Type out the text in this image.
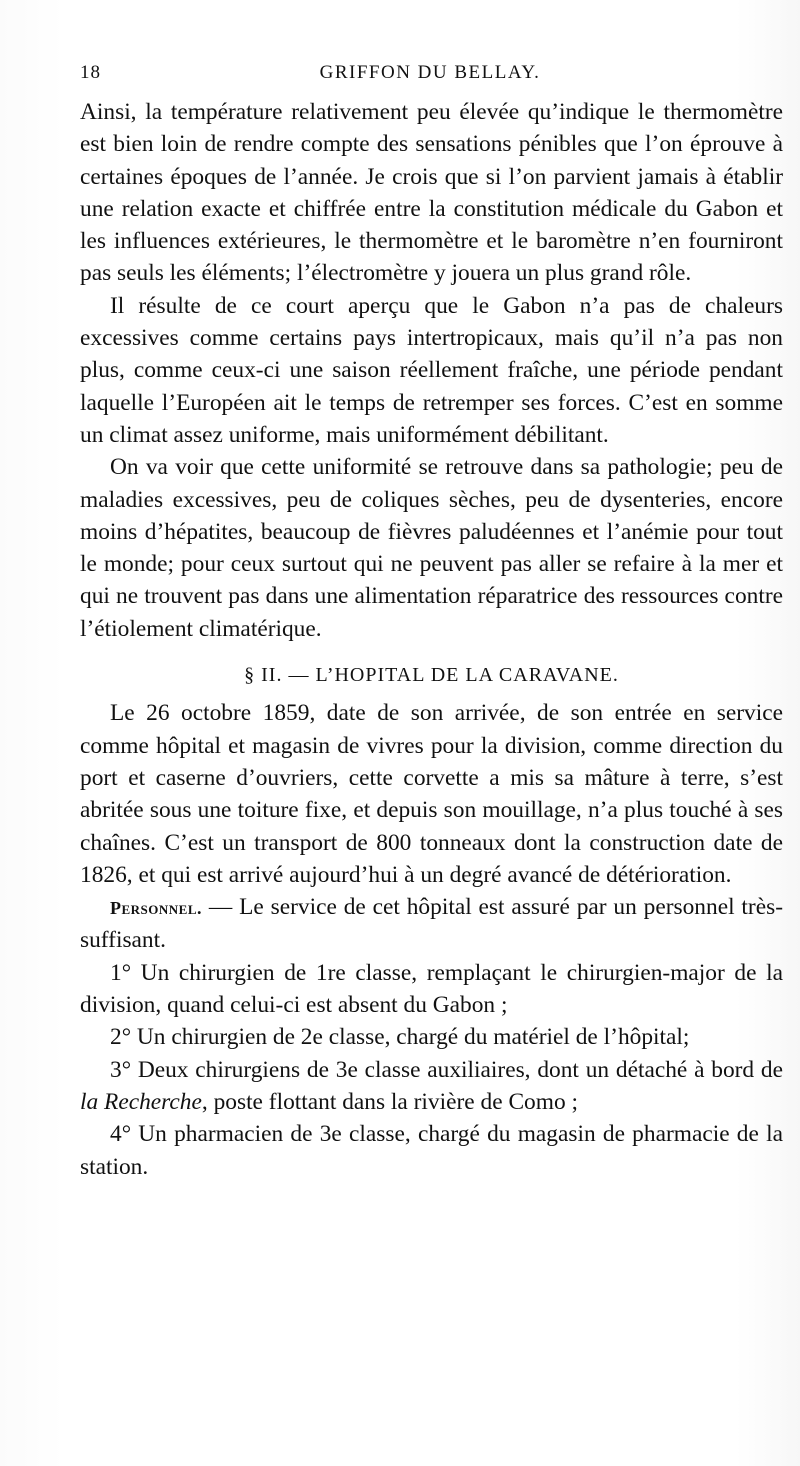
18	GRIFFON DU BELLAY.

Ainsi, la température relativement peu élevée qu’indique le thermomètre est bien loin de rendre compte des sensations pénibles que l’on éprouve à certaines époques de l’année. Je crois que si l’on parvient jamais à établir une relation exacte et chiffrée entre la constitution médicale du Gabon et les influences extérieures, le thermomètre et le baromètre n’en fourniront pas seuls les éléments; l’électromètre y jouera un plus grand rôle.

Il résulte de ce court aperçu que le Gabon n’a pas de chaleurs excessives comme certains pays intertropicaux, mais qu’il n’a pas non plus, comme ceux-ci une saison réellement fraîche, une période pendant laquelle l’Européen ait le temps de retremper ses forces. C’est en somme un climat assez uniforme, mais uniformément débilitant.

On va voir que cette uniformité se retrouve dans sa pathologie; peu de maladies excessives, peu de coliques sèches, peu de dysenteries, encore moins d’hépatites, beaucoup de fièvres paludéennes et l’anémie pour tout le monde; pour ceux surtout qui ne peuvent pas aller se refaire à la mer et qui ne trouvent pas dans une alimentation réparatrice des ressources contre l’étiolement climatérique.

§ II. — L’HOPITAL DE LA CARAVANE.

Le 26 octobre 1859, date de son arrivée, de son entrée en service comme hôpital et magasin de vivres pour la division, comme direction du port et caserne d’ouvriers, cette corvette a mis sa mâture à terre, s’est abritée sous une toiture fixe, et depuis son mouillage, n’a plus touché à ses chaînes. C’est un transport de 800 tonneaux dont la construction date de 1826, et qui est arrivé aujourd’hui à un degré avancé de détérioration.

Personnel. — Le service de cet hôpital est assuré par un personnel très-suffisant.

1° Un chirurgien de 1re classe, remplaçant le chirurgien-major de la division, quand celui-ci est absent du Gabon ;

2° Un chirurgien de 2e classe, chargé du matériel de l’hôpital;

3° Deux chirurgiens de 3e classe auxiliaires, dont un détaché à bord de la Recherche, poste flottant dans la rivière de Como ;

4° Un pharmacien de 3e classe, chargé du magasin de pharmacie de la station.
